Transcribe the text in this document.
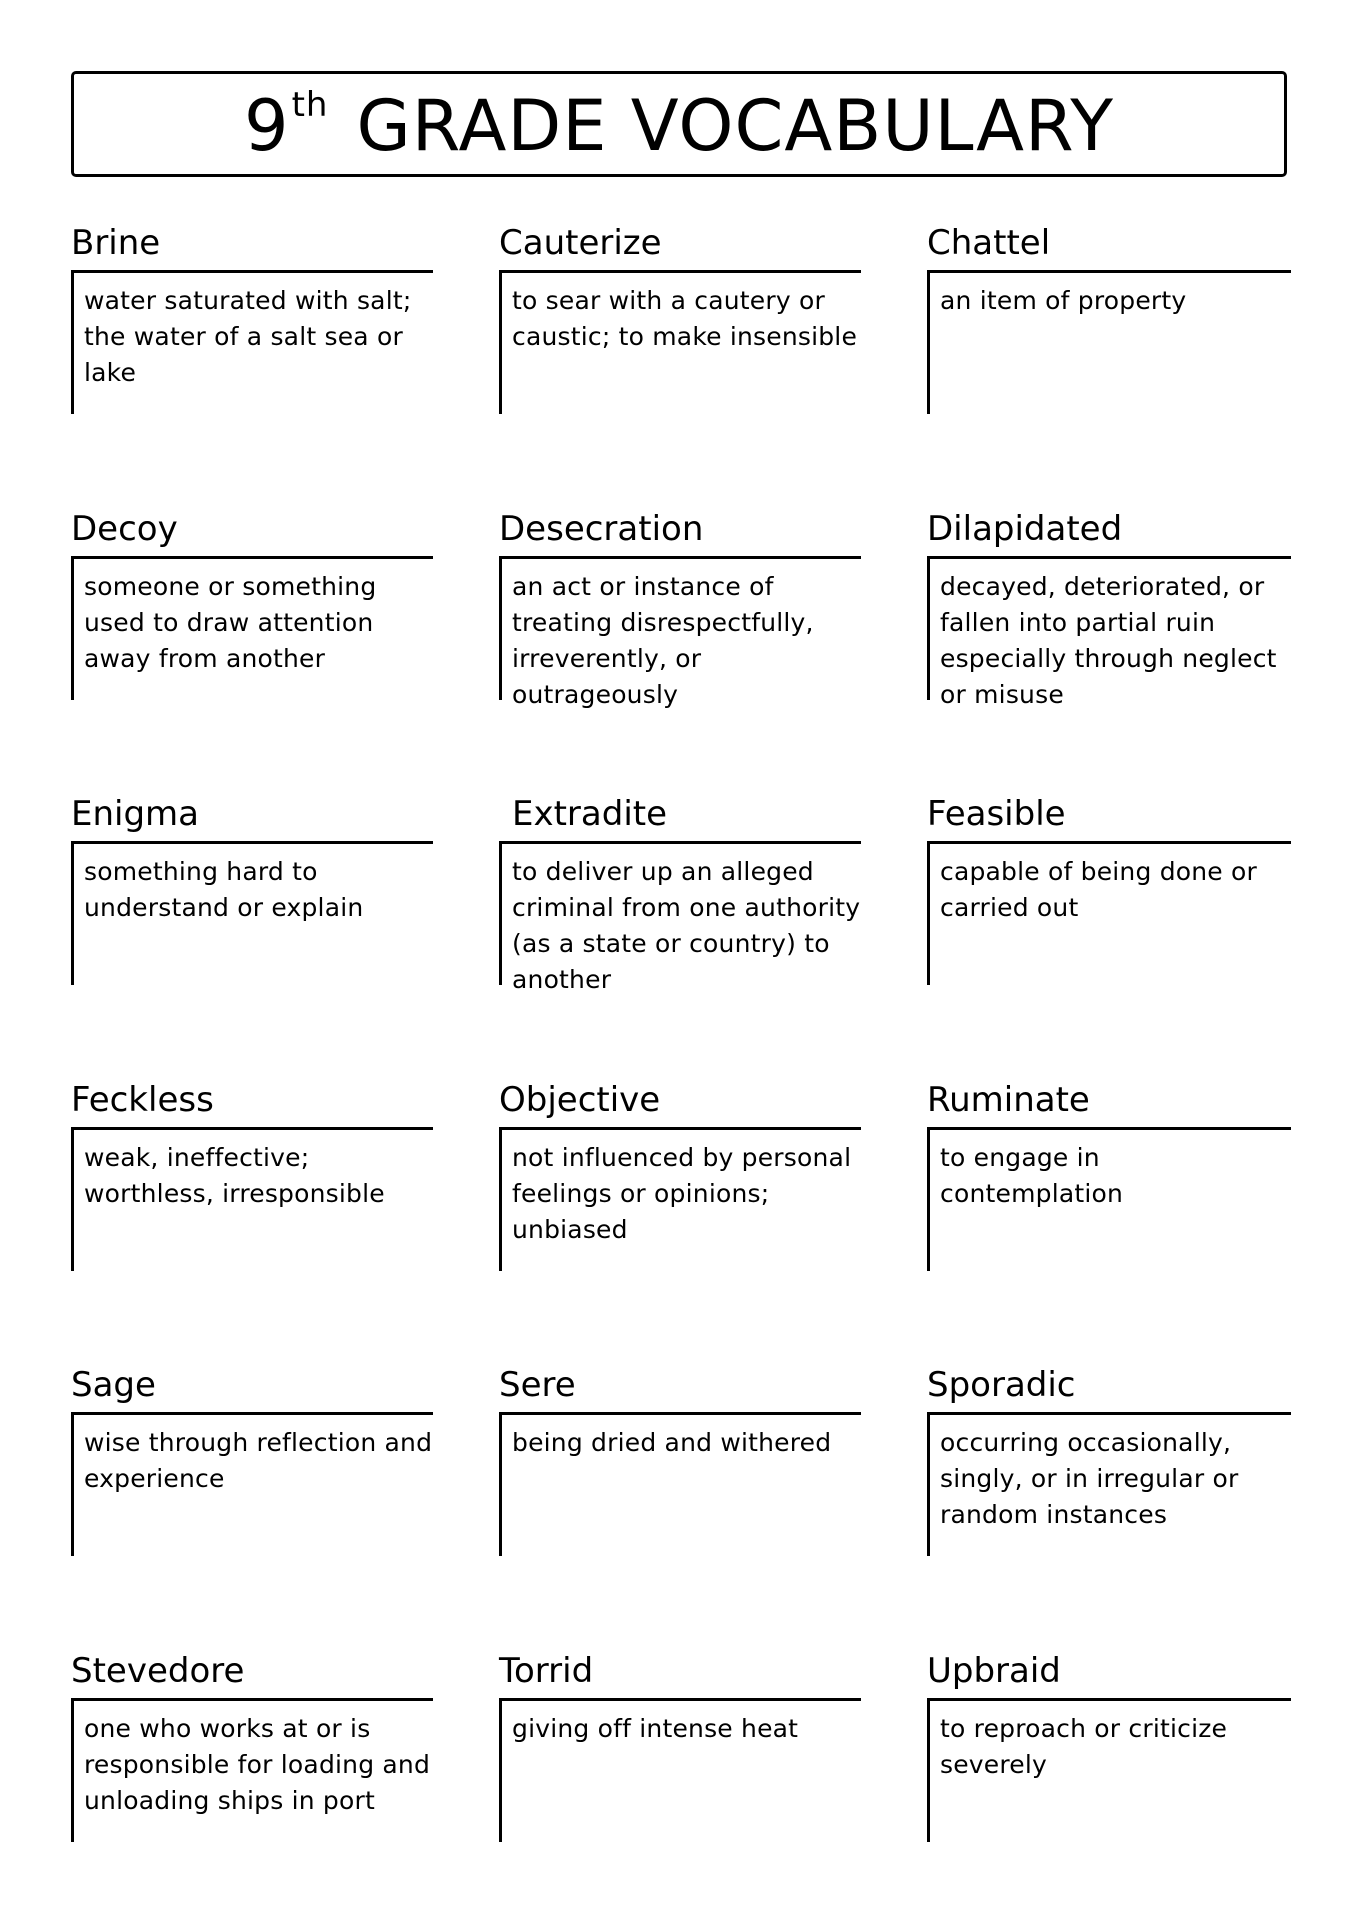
9th GRADE VOCABULARY
Brine
water saturated with salt; the water of a salt sea or lake
Cauterize
to sear with a cautery or caustic; to make insensible
Chattel
an item of property
Decoy
someone or something used to draw attention away from another
Desecration
an act or instance of treating disrespectfully, irreverently, or outrageously
Dilapidated
decayed, deteriorated, or fallen into partial ruin especially through neglect or misuse
Enigma
something hard to understand or explain
Extradite
to deliver up an alleged criminal from one authority (as a state or country) to another
Feasible
capable of being done or carried out
Feckless
weak, ineffective; worthless, irresponsible
Objective
not influenced by personal feelings or opinions; unbiased
Ruminate
to engage in contemplation
Sage
wise through reflection and experience
Sere
being dried and withered
Sporadic
occurring occasionally, singly, or in irregular or random instances
Stevedore
one who works at or is responsible for loading and unloading ships in port
Torrid
giving off intense heat
Upbraid
to reproach or criticize severely
